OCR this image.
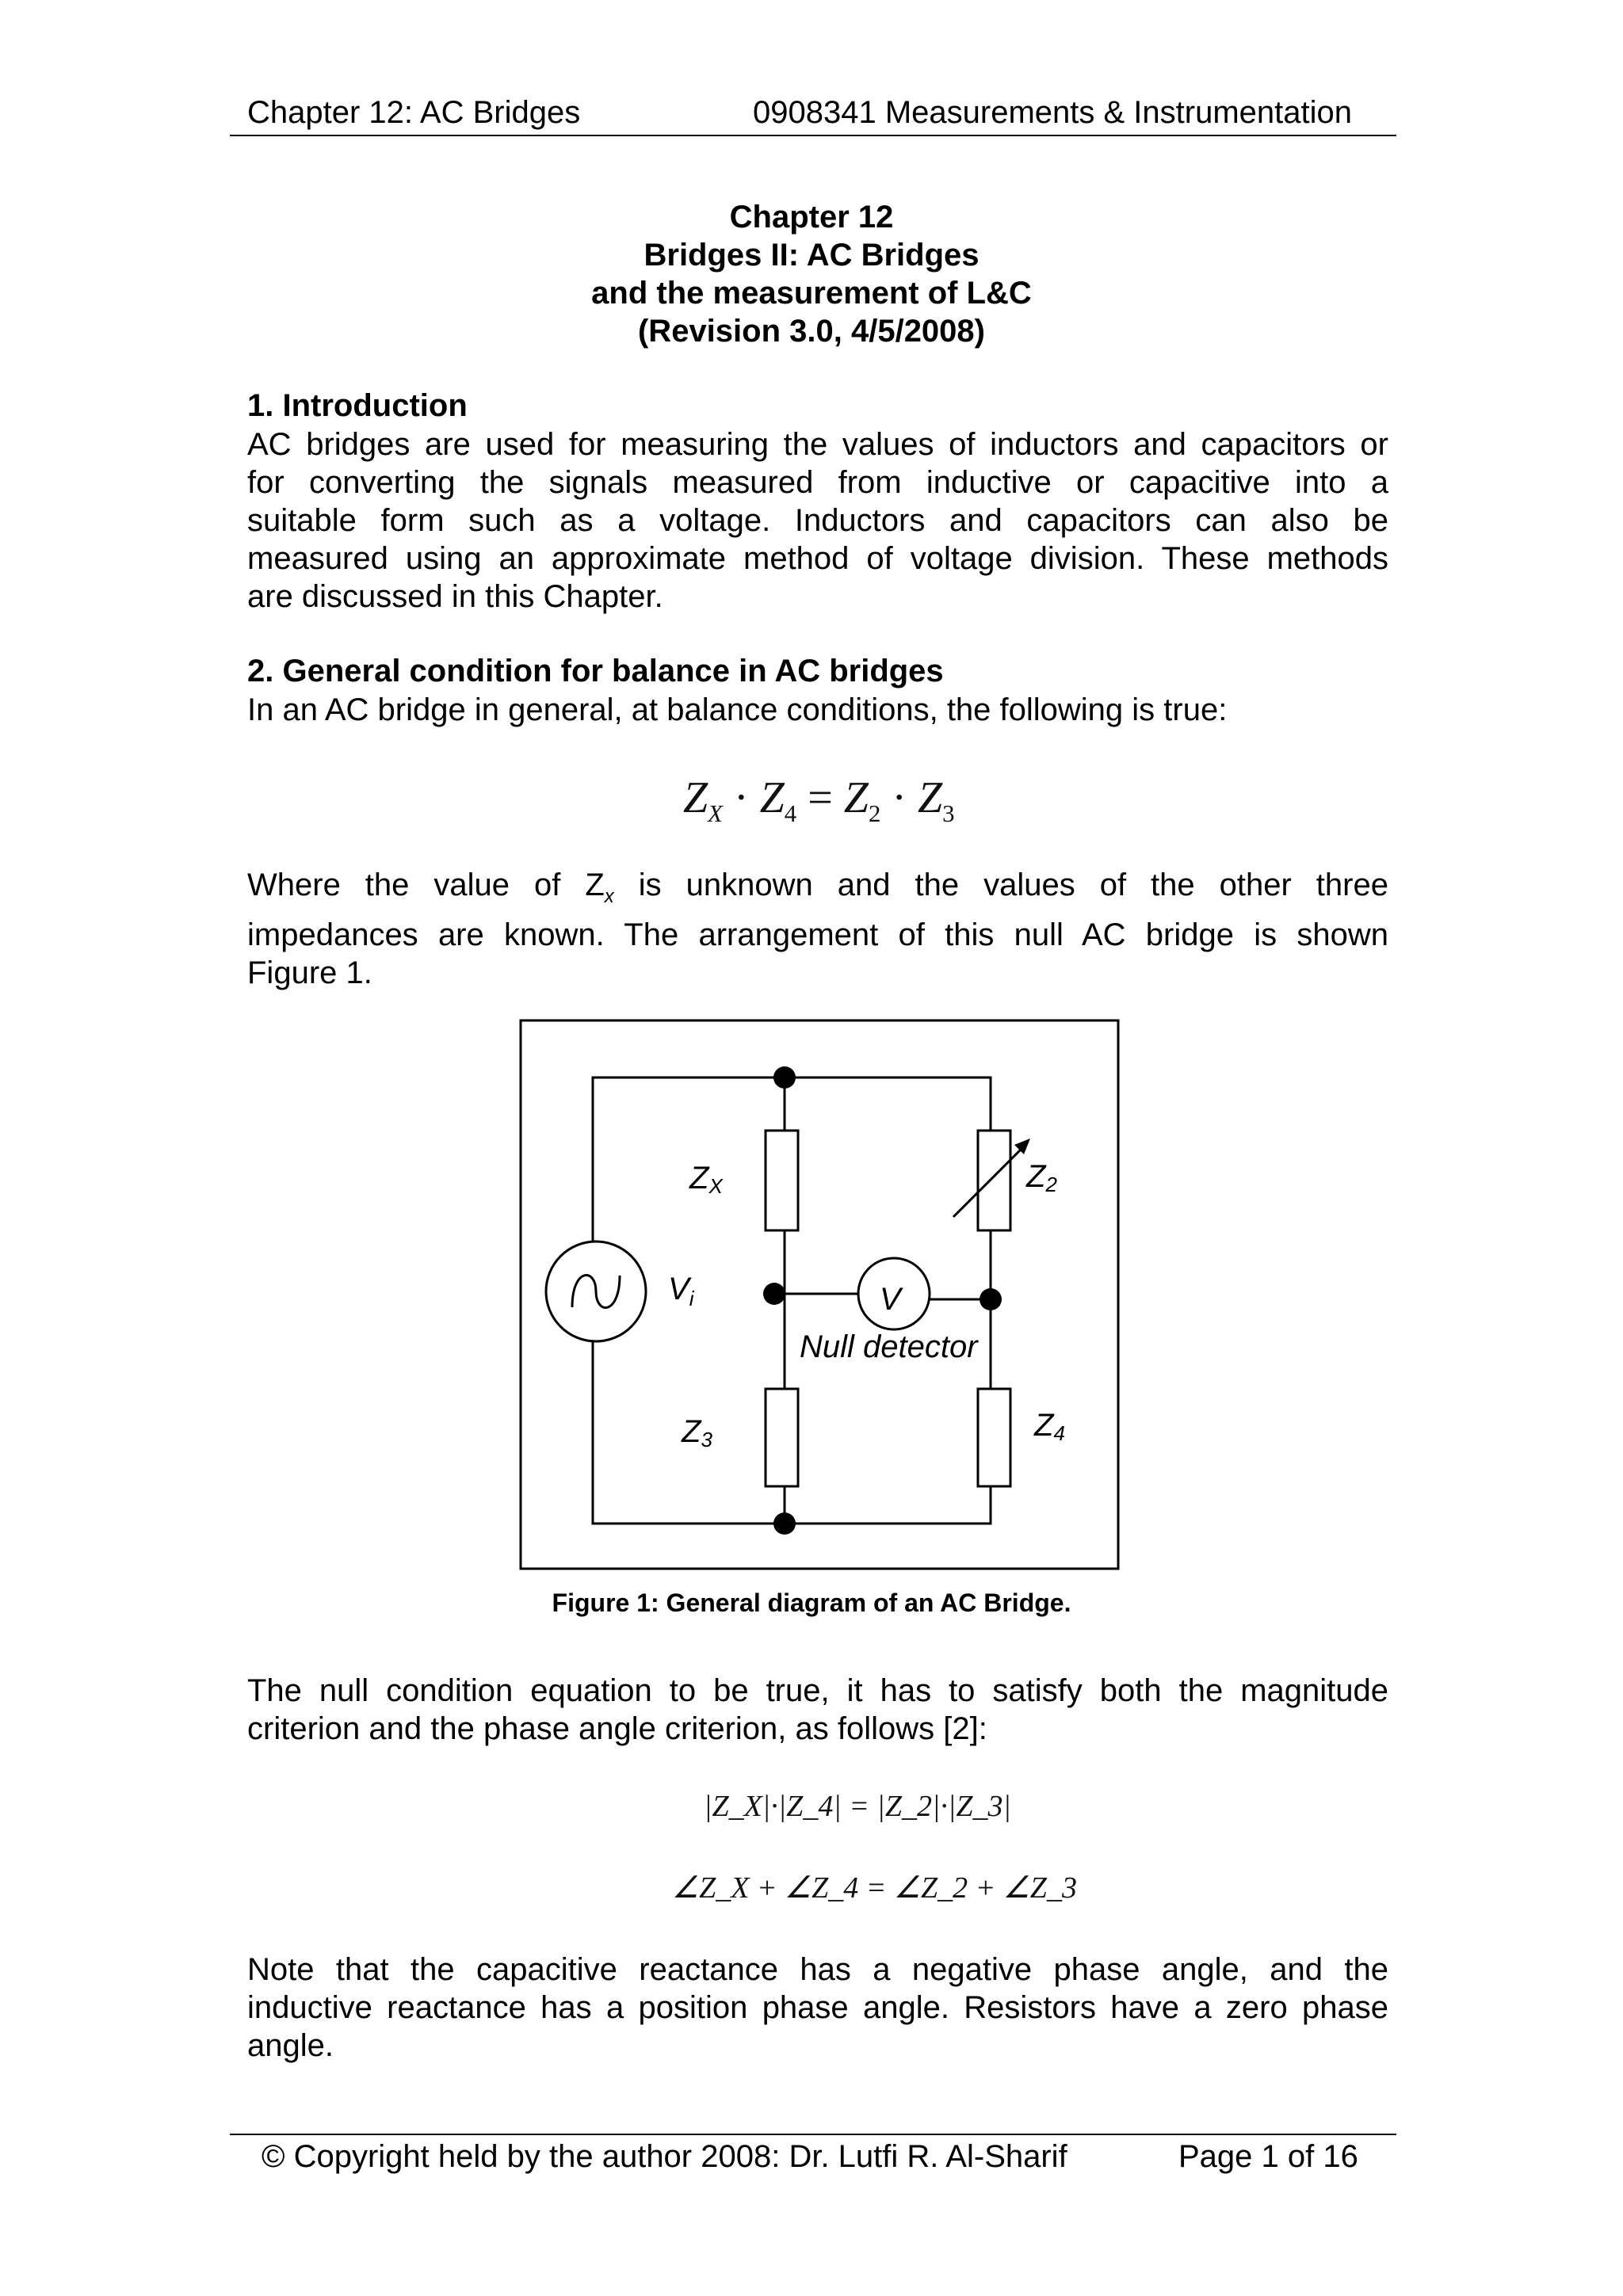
Chapter 12: AC Bridges	0908341 Measurements & Instrumentation
Chapter 12
Bridges II: AC Bridges
and the measurement of L&C
(Revision 3.0, 4/5/2008)
1. Introduction
AC bridges are used for measuring the values of inductors and capacitors or
for converting the signals measured from inductive or capacitive into a
suitable form such as a voltage. Inductors and capacitors can also be
measured using an approximate method of voltage division. These methods
are discussed in this Chapter.
2. General condition for balance in AC bridges
In an AC bridge in general, at balance conditions, the following is true:
$Z_X \cdot Z_4 = Z_2 \cdot Z_3$
Where the value of $Z_x$ is unknown and the values of the other three
impedances are known. The arrangement of this null AC bridge is shown
Figure 1.
ZX	Z2
$V_i$	V
Null detector
Z3	Z4
Figure 1: General diagram of an AC Bridge.
The null condition equation to be true, it has to satisfy both the magnitude
criterion and the phase angle criterion, as follows [2]:
|Z_X|·|Z_4| = |Z_2|·|Z_3|
∠Z_X + ∠Z_4 = ∠Z_2 + ∠Z_3
Note that the capacitive reactance has a negative phase angle, and the
inductive reactance has a position phase angle. Resistors have a zero phase
angle.
© Copyright held by the author 2008: Dr. Lutfi R. Al-Sharif	Page 1 of 16
